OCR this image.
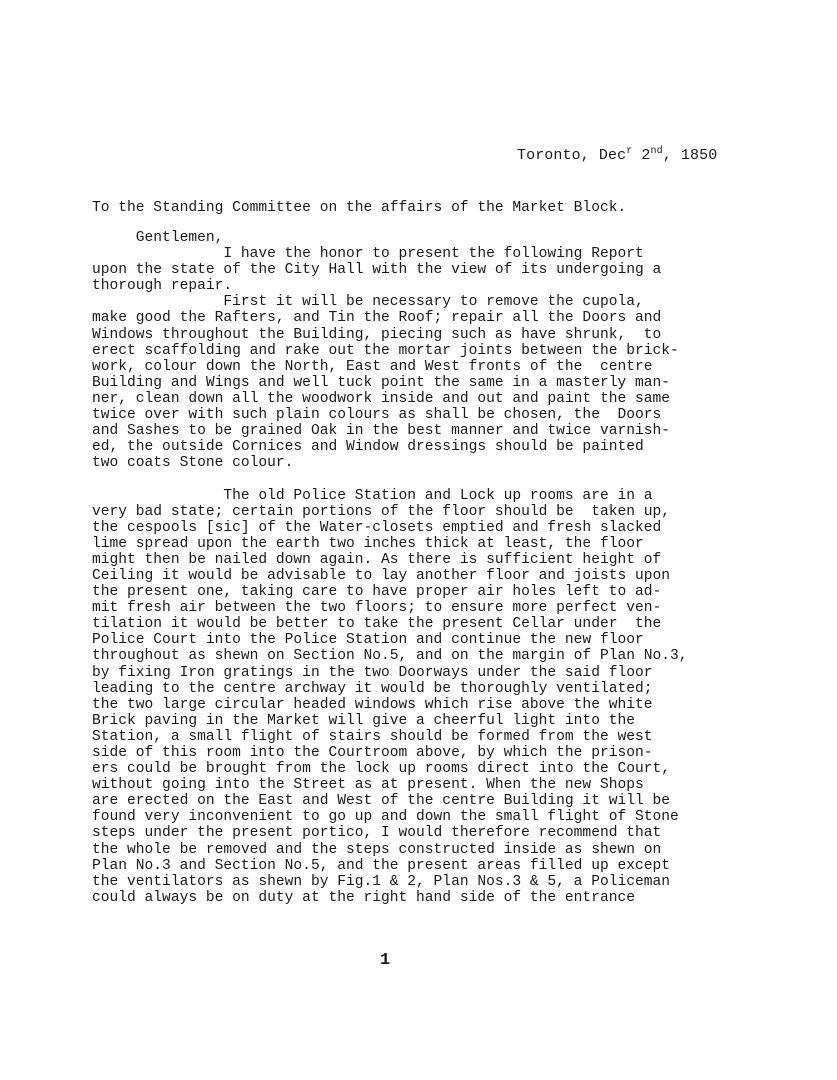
Toronto, Dec$^r$ 2nd, 1850
To the Standing Committee on the affairs of the Market Block.
Gentlemen,
I have the honor to present the following Report
upon the state of the City Hall with the view of its undergoing a
thorough repair.
First it will be necessary to remove the cupola,
make good the Rafters, and Tin the Roof; repair all the Doors and
Windows throughout the Building, piecing such as have shrunk,  to
erect scaffolding and rake out the mortar joints between the brick-
work, colour down the North, East and West fronts of the  centre
Building and Wings and well tuck point the same in a masterly man-
ner, clean down all the woodwork inside and out and paint the same
twice over with such plain colours as shall be chosen, the  Doors
and Sashes to be grained Oak in the best manner and twice varnish-
ed, the outside Cornices and Window dressings should be painted
two coats Stone colour.
The old Police Station and Lock up rooms are in a
very bad state; certain portions of the floor should be  taken up,
the cespools [sic] of the Water-closets emptied and fresh slacked
lime spread upon the earth two inches thick at least, the floor
might then be nailed down again. As there is sufficient height of
Ceiling it would be advisable to lay another floor and joists upon
the present one, taking care to have proper air holes left to ad-
mit fresh air between the two floors; to ensure more perfect ven-
tilation it would be better to take the present Cellar under  the
Police Court into the Police Station and continue the new floor
throughout as shewn on Section No.5, and on the margin of Plan No.3,
by fixing Iron gratings in the two Doorways under the said floor
leading to the centre archway it would be thoroughly ventilated;
the two large circular headed windows which rise above the white
Brick paving in the Market will give a cheerful light into the
Station, a small flight of stairs should be formed from the west
side of this room into the Courtroom above, by which the prison-
ers could be brought from the lock up rooms direct into the Court,
without going into the Street as at present. When the new Shops
are erected on the East and West of the centre Building it will be
found very inconvenient to go up and down the small flight of Stone
steps under the present portico, I would therefore recommend that
the whole be removed and the steps constructed inside as shewn on
Plan No.3 and Section No.5, and the present areas filled up except
the ventilators as shewn by Fig.1 & 2, Plan Nos.3 & 5, a Policeman
could always be on duty at the right hand side of the entrance
1
